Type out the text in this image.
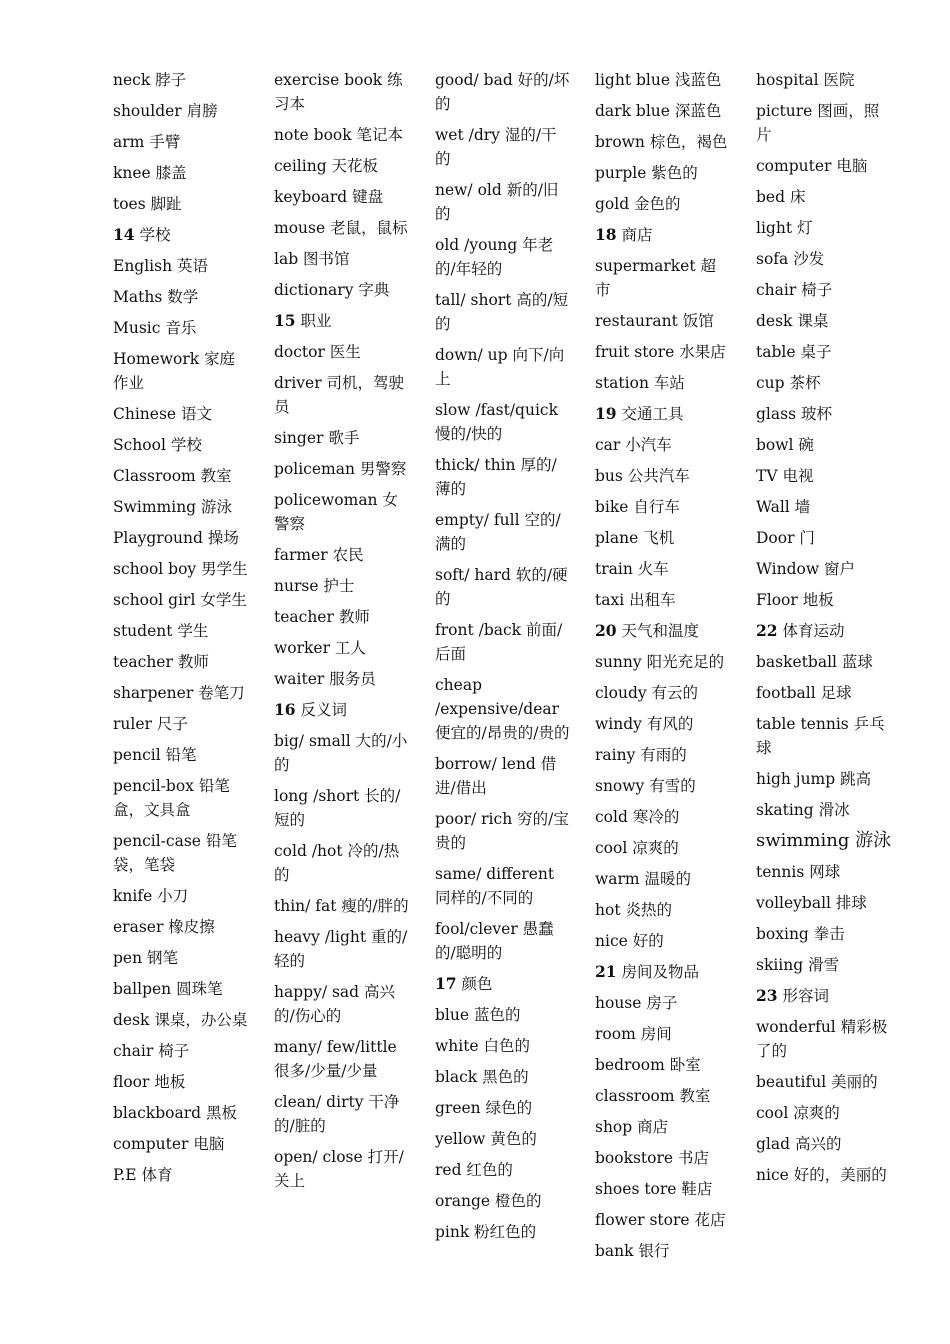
neck 脖子
shoulder 肩膀
arm 手臂
knee 膝盖
toes 脚趾
14 学校
English 英语
Maths 数学
Music 音乐
Homework 家庭作业
Chinese 语文
School 学校
Classroom 教室
Swimming 游泳
Playground 操场
school boy 男学生
school girl 女学生
student 学生
teacher 教师
sharpener 卷笔刀
ruler 尺子
pencil 铅笔
pencil-box 铅笔盒，文具盒
pencil-case 铅笔袋，笔袋
knife 小刀
eraser 橡皮擦
pen 钢笔
ballpen 圆珠笔
desk 课桌，办公桌
chair 椅子
floor 地板
blackboard 黑板
computer 电脑
P.E 体育
exercise book 练习本
note book 笔记本
ceiling 天花板
keyboard 键盘
mouse 老鼠，鼠标
lab 图书馆
dictionary 字典
15 职业
doctor 医生
driver 司机，驾驶员
singer 歌手
policeman 男警察
policewoman 女警察
farmer 农民
nurse 护士
teacher 教师
worker 工人
waiter 服务员
16 反义词
big/ small 大的/小的
long /short 长的/短的
cold /hot 冷的/热的
thin/ fat 瘦的/胖的
heavy /light 重的/轻的
happy/ sad 高兴的/伤心的
many/ few/little 很多/少量/少量
clean/ dirty 干净的/脏的
open/ close 打开/关上
good/ bad 好的/坏的
wet /dry 湿的/干的
new/ old 新的/旧的
old /young 年老的/年轻的
tall/ short 高的/短的
down/ up 向下/向上
slow /fast/quick 慢的/快的
thick/ thin 厚的/薄的
empty/ full 空的/满的
soft/ hard 软的/硬的
front /back 前面/后面
cheap /expensive/dear 便宜的/昂贵的/贵的
borrow/ lend 借进/借出
poor/ rich 穷的/宝贵的
same/ different 同样的/不同的
fool/clever 愚蠢的/聪明的
17 颜色
blue 蓝色的
white 白色的
black 黑色的
green 绿色的
yellow 黄色的
red 红色的
orange 橙色的
pink 粉红色的
light blue 浅蓝色
dark blue 深蓝色
brown 棕色，褐色
purple 紫色的
gold 金色的
18 商店
supermarket 超市
restaurant 饭馆
fruit store 水果店
station 车站
19 交通工具
car 小汽车
bus 公共汽车
bike 自行车
plane 飞机
train 火车
taxi 出租车
20 天气和温度
sunny 阳光充足的
cloudy 有云的
windy 有风的
rainy 有雨的
snowy 有雪的
cold 寒冷的
cool 凉爽的
warm 温暖的
hot 炎热的
nice 好的
21 房间及物品
house 房子
room 房间
bedroom 卧室
classroom 教室
shop 商店
bookstore 书店
shoes tore 鞋店
flower store 花店
bank 银行
hospital 医院
picture 图画，照片
computer 电脑
bed 床
light 灯
sofa 沙发
chair 椅子
desk 课桌
table 桌子
cup 茶杯
glass 玻杯
bowl 碗
TV 电视
Wall 墙
Door 门
Window 窗户
Floor 地板
22 体育运动
basketball 蓝球
football 足球
table tennis 乒乓球
high jump 跳高
skating 滑冰
swimming 游泳
tennis 网球
volleyball 排球
boxing 拳击
skiing 滑雪
23 形容词
wonderful 精彩极了的
beautiful 美丽的
cool 凉爽的
glad 高兴的
nice 好的，美丽的
